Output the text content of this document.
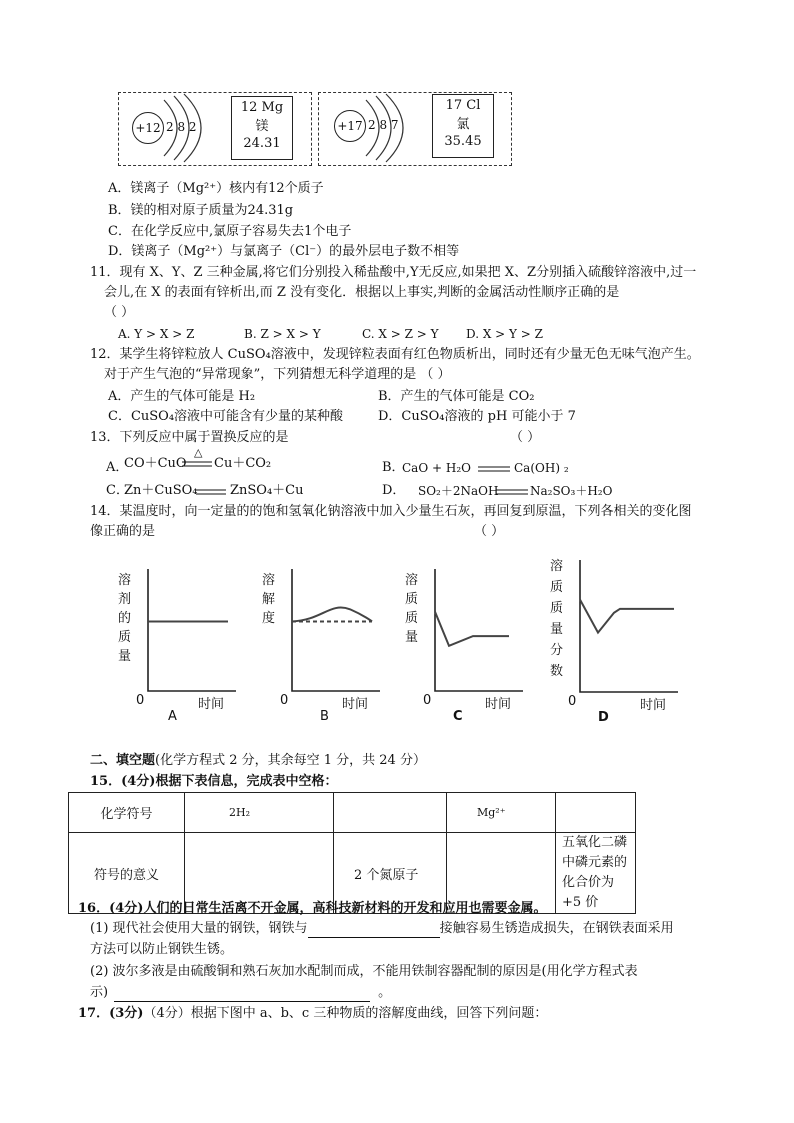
+12 2 8 2
12 Mg
镁
24.31
+17 2 8 7
17 Cl
氯
35.45
A．镁离子（Mg²⁺）核内有12个质子
B．镁的相对原子质量为24.31g
C．在化学反应中,氯原子容易失去1个电子
D．镁离子（Mg²⁺）与氯离子（Cl⁻）的最外层电子数不相等
11．现有 X、Y、Z 三种金属,将它们分别投入稀盐酸中,Y无反应,如果把 X、Z分别插入硫酸锌溶液中,过一
会儿,在 X 的表面有锌析出,而 Z 没有变化．根据以上事实,判断的金属活动性顺序正确的是
（ ）
A. Y > X > Z	B. Z > X > Y	C. X > Z > Y D. X > Y > Z
12．某学生将锌粒放人 CuSO₄溶液中，发现锌粒表面有红色物质析出，同时还有少量无色无味气泡产生。
对于产生气泡的“异常现象”，下列猜想无科学道理的是 （ ）
A．产生的气体可能是 H₂	B．产生的气体可能是 CO₂
C．CuSO₄溶液中可能含有少量的某种酸	D．CuSO₄溶液的 pH 可能小于 7
13．下列反应中属于置换反应的是	（ ）
A．
CO＋CuO
△
Cu＋CO₂	B．
CaO + H₂O	Ca(OH) ₂
C．
Zn＋CuSO₄	ZnSO₄＋Cu	D． SO₂＋2NaOH	Na₂SO₃＋H₂O
14．某温度时，向一定量的的饱和氢氧化钠溶液中加入少量生石灰，再回复到原温，下列各相关的变化图
像正确的是	（ ）
溶
剂
的
质
量
0	时间
A
溶
解
度
0	时间
B
溶
质
质
量
0	时间
C
溶
质
质
量
分
数
0	时间
D
二、填空题(化学方程式 2 分，其余每空 1 分，共 24 分）
15．(4分)根据下表信息，完成表中空格：
化学符号	2H₂		Mg²⁺	
符号的意义		2 个氮原子		五氧化二磷中磷元素的化合价为+5 价
16．(4分)人们的日常生活离不开金属，高科技新材料的开发和应用也需要金属。
(1) 现代社会使用大量的钢铁，钢铁与	接触容易生锈造成损失，在钢铁表面采用
方法可以防止钢铁生锈。
(2) 波尔多液是由硫酸铜和熟石灰加水配制而成，不能用铁制容器配制的原因是(用化学方程式表
示)	。
17．(3分)（4分）根据下图中 a、b、c 三种物质的溶解度曲线，回答下列问题：
